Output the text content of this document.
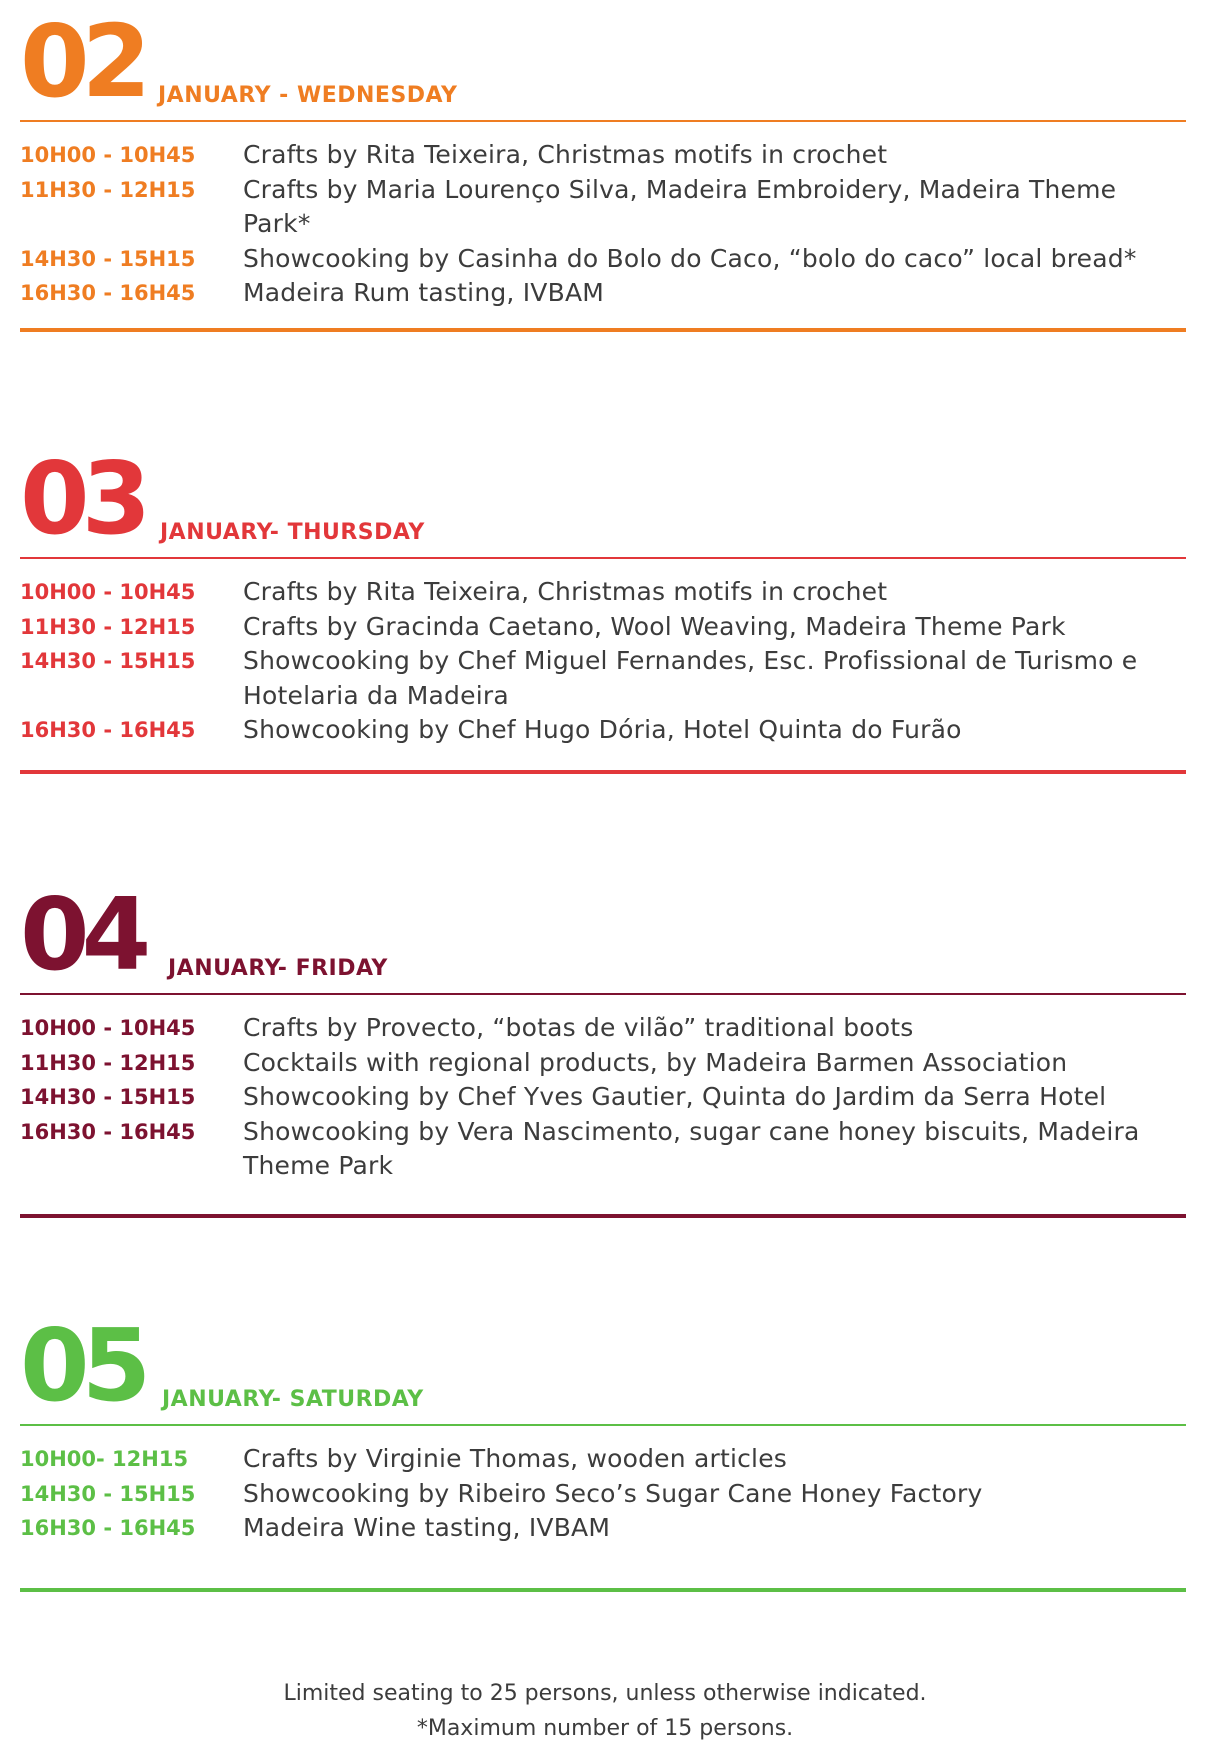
02 JANUARY - WEDNESDAY
10H00 - 10H45	Crafts by Rita Teixeira, Christmas motifs in crochet
11H30 - 12H15	Crafts by Maria Lourenço Silva, Madeira Embroidery, Madeira Theme Park*
14H30 - 15H15	Showcooking by Casinha do Bolo do Caco, “bolo do caco” local bread*
16H30 - 16H45	Madeira Rum tasting, IVBAM
03 JANUARY- THURSDAY
10H00 - 10H45	Crafts by Rita Teixeira, Christmas motifs in crochet
11H30 - 12H15	Crafts by Gracinda Caetano, Wool Weaving, Madeira Theme Park
14H30 - 15H15	Showcooking by Chef Miguel Fernandes, Esc. Profissional de Turismo e Hotelaria da Madeira
16H30 - 16H45	Showcooking by Chef Hugo Dória, Hotel Quinta do Furão
04 JANUARY- FRIDAY
10H00 - 10H45	Crafts by Provecto, “botas de vilão” traditional boots
11H30 - 12H15	Cocktails with regional products, by Madeira Barmen Association
14H30 - 15H15	Showcooking by Chef Yves Gautier, Quinta do Jardim da Serra Hotel
16H30 - 16H45	Showcooking by Vera Nascimento, sugar cane honey biscuits, Madeira Theme Park
05 JANUARY- SATURDAY
10H00- 12H15	Crafts by Virginie Thomas, wooden articles
14H30 - 15H15	Showcooking by Ribeiro Seco’s Sugar Cane Honey Factory
16H30 - 16H45	Madeira Wine tasting, IVBAM
Limited seating to 25 persons, unless otherwise indicated.
*Maximum number of 15 persons.
